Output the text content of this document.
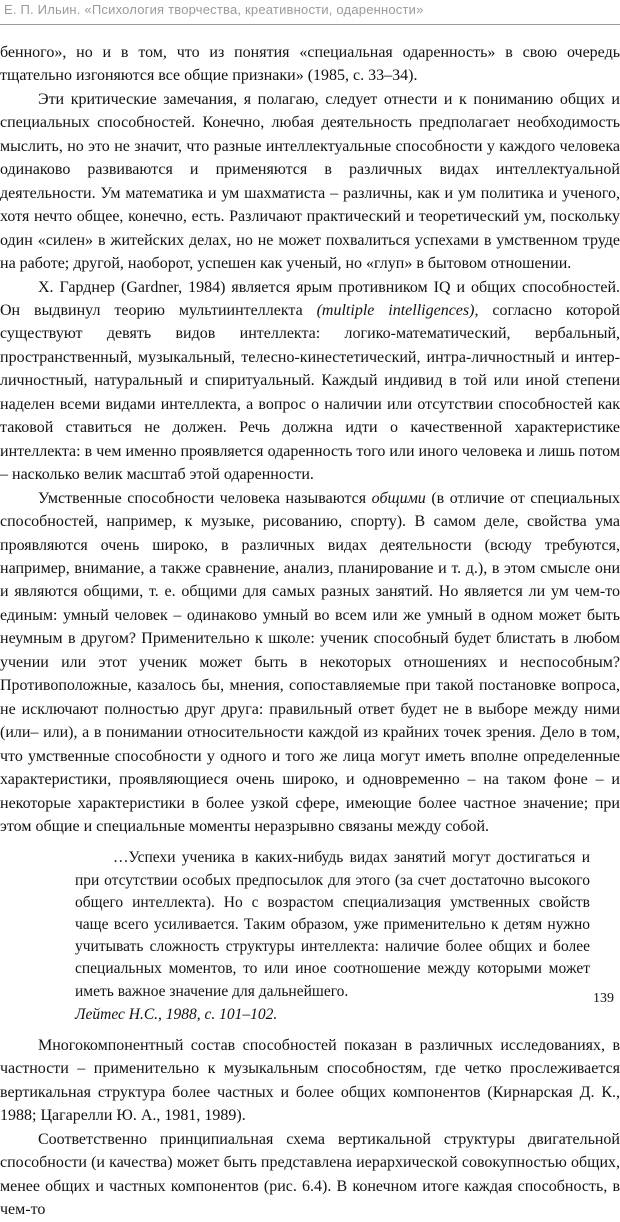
Е. П. Ильин. «Психология творчества, креативности, одаренности»

бенного», но и в том, что из понятия «специальная одаренность» в свою очередь тщательно изгоняются все общие признаки» (1985, с. 33–34).

Эти критические замечания, я полагаю, следует отнести и к пониманию общих и специальных способностей. Конечно, любая деятельность предполагает необходимость мыслить, но это не значит, что разные интеллектуальные способности у каждого человека одинаково развиваются и применяются в различных видах интеллектуальной деятельности. Ум математика и ум шахматиста – различны, как и ум политика и ученого, хотя нечто общее, конечно, есть. Различают практический и теоретический ум, поскольку один «силен» в житейских делах, но не может похвалиться успехами в умственном труде на работе; другой, наоборот, успешен как ученый, но «глуп» в бытовом отношении.

Х. Гарднер (Gardner, 1984) является ярым противником IQ и общих способностей. Он выдвинул теорию мультиинтеллекта (multiple intelligences), согласно которой существуют девять видов интеллекта: логико-математический, вербальный, пространственный, музыкальный, телесно-кинестетический, интра-личностный и интер-личностный, натуральный и спиритуальный. Каждый индивид в той или иной степени наделен всеми видами интеллекта, а вопрос о наличии или отсутствии способностей как таковой ставиться не должен. Речь должна идти о качественной характеристике интеллекта: в чем именно проявляется одаренность того или иного человека и лишь потом – насколько велик масштаб этой одаренности.

Умственные способности человека называются общими (в отличие от специальных способностей, например, к музыке, рисованию, спорту). В самом деле, свойства ума проявляются очень широко, в различных видах деятельности (всюду требуются, например, внимание, а также сравнение, анализ, планирование и т. д.), в этом смысле они и являются общими, т. е. общими для самых разных занятий. Но является ли ум чем-то единым: умный человек – одинаково умный во всем или же умный в одном может быть неумным в другом? Применительно к школе: ученик способный будет блистать в любом учении или этот ученик может быть в некоторых отношениях и неспособным? Противоположные, казалось бы, мнения, сопоставляемые при такой постановке вопроса, не исключают полностью друг друга: правильный ответ будет не в выборе между ними (или– или), а в понимании относительности каждой из крайних точек зрения. Дело в том, что умственные способности у одного и того же лица могут иметь вполне определенные характеристики, проявляющиеся очень широко, и одновременно – на таком фоне – и некоторые характеристики в более узкой сфере, имеющие более частное значение; при этом общие и специальные моменты неразрывно связаны между собой.

…Успехи ученика в каких-нибудь видах занятий могут достигаться и при отсутствии особых предпосылок для этого (за счет достаточно высокого общего интеллекта). Но с возрастом специализация умственных свойств чаще всего усиливается. Таким образом, уже применительно к детям нужно учитывать сложность структуры интеллекта: наличие более общих и более специальных моментов, то или иное соотношение между которыми может иметь важное значение для дальнейшего.

Лейтес Н.С., 1988, с. 101–102.

Многокомпонентный состав способностей показан в различных исследованиях, в частности – применительно к музыкальным способностям, где четко прослеживается вертикальная структура более частных и более общих компонентов (Кирнарская Д. К., 1988; Цагарелли Ю. А., 1981, 1989).

Соответственно принципиальная схема вертикальной структуры двигательной способности (и качества) может быть представлена иерархической совокупностью общих, менее общих и частных компонентов (рис. 6.4). В конечном итоге каждая способность, в чем-то

139
